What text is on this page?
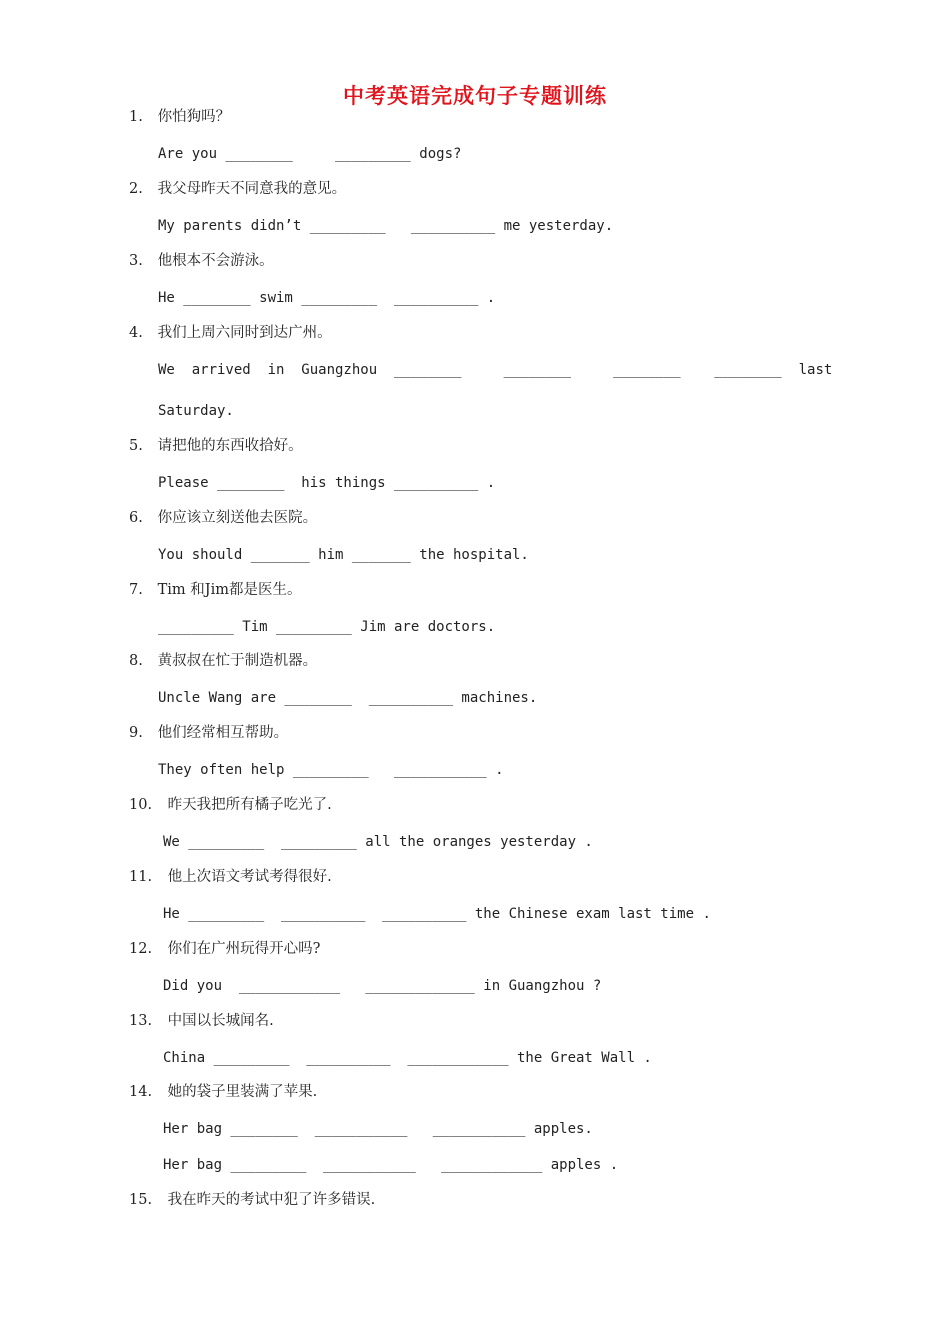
中考英语完成句子专题训练
1. 你怕狗吗？
Are you ________     _________ dogs?
2. 我父母昨天不同意我的意见。
My parents didn’t _________   __________ me yesterday.
3. 他根本不会游泳。
He ________ swim _________  __________ .
4. 我们上周六同时到达广州。
We  arrived  in  Guangzhou  ________     ________     ________    ________  last
Saturday.
5. 请把他的东西收拾好。
Please ________  his things __________ .
6. 你应该立刻送他去医院。
You should _______ him _______ the hospital.
7. Tim 和Jim都是医生。
_________ Tim _________ Jim are doctors.
8. 黄叔叔在忙于制造机器。
Uncle Wang are ________  __________ machines.
9. 他们经常相互帮助。
They often help _________   ___________ .
10. 昨天我把所有橘子吃光了.
We _________  _________ all the oranges yesterday .
11. 他上次语文考试考得很好.
He _________  __________  __________ the Chinese exam last time .
12. 你们在广州玩得开心吗?
Did you  ____________   _____________ in Guangzhou ?
13. 中国以长城闻名.
China _________  __________  ____________ the Great Wall .
14. 她的袋子里装满了苹果.
Her bag ________  ___________   ___________ apples.
Her bag _________  ___________   ____________ apples .
15. 我在昨天的考试中犯了许多错误.
